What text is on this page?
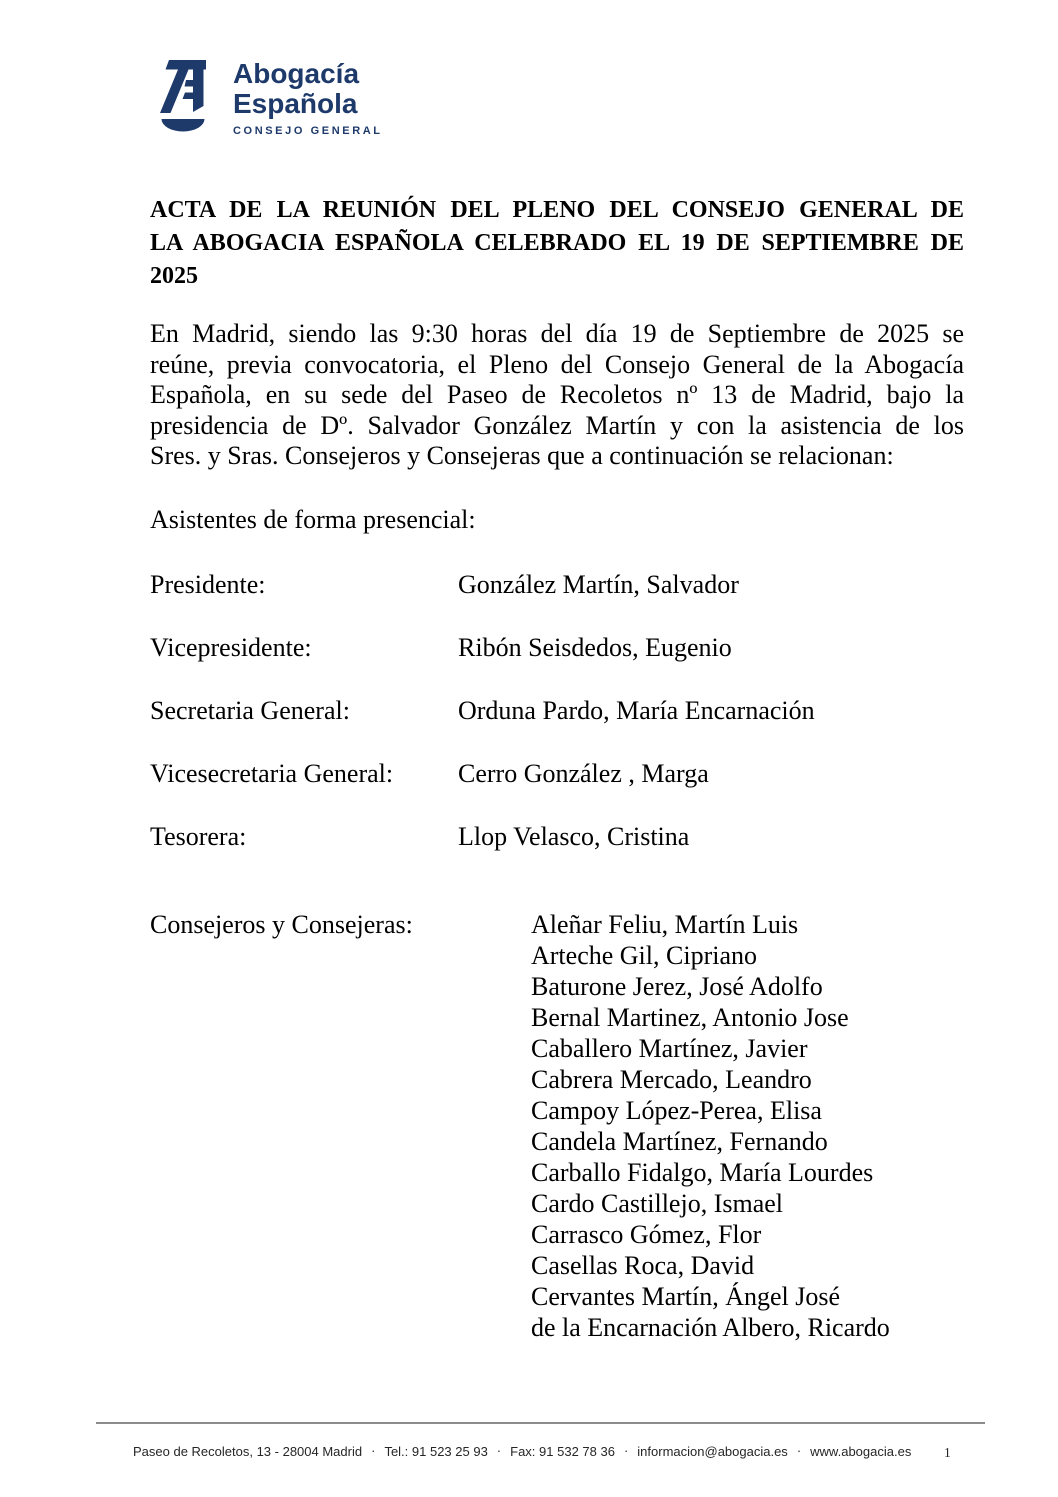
Abogacía
Española
CONSEJO GENERAL
ACTA DE LA REUNIÓN DEL PLENO DEL CONSEJO GENERAL DE
LA ABOGACIA ESPAÑOLA CELEBRADO EL 19 DE SEPTIEMBRE DE
2025
En Madrid, siendo las 9:30 horas del día 19 de Septiembre de 2025 se
reúne, previa convocatoria, el Pleno del Consejo General de la Abogacía
Española, en su sede del Paseo de Recoletos nº 13 de Madrid, bajo la
presidencia de Dº. Salvador González Martín y con la asistencia de los
Sres. y Sras. Consejeros y Consejeras que a continuación se relacionan:
Asistentes de forma presencial:
Presidente:	González Martín, Salvador
Vicepresidente:	Ribón Seisdedos, Eugenio
Secretaria General:	Orduna Pardo, María Encarnación
Vicesecretaria General: Cerro González , Marga
Tesorera:	Llop Velasco, Cristina
Consejeros y Consejeras:	Aleñar Feliu, Martín Luis
Arteche Gil, Cipriano
Baturone Jerez, José Adolfo
Bernal Martinez, Antonio Jose
Caballero Martínez, Javier
Cabrera Mercado, Leandro
Campoy López-Perea, Elisa
Candela Martínez, Fernando
Carballo Fidalgo, María Lourdes
Cardo Castillejo, Ismael
Carrasco Gómez, Flor
Casellas Roca, David
Cervantes Martín, Ángel José
de la Encarnación Albero, Ricardo
Paseo de Recoletos, 13 - 28004 Madrid · Tel.: 91 523 25 93 · Fax: 91 532 78 36 · informacion@abogacia.es · www.abogacia.es 1
